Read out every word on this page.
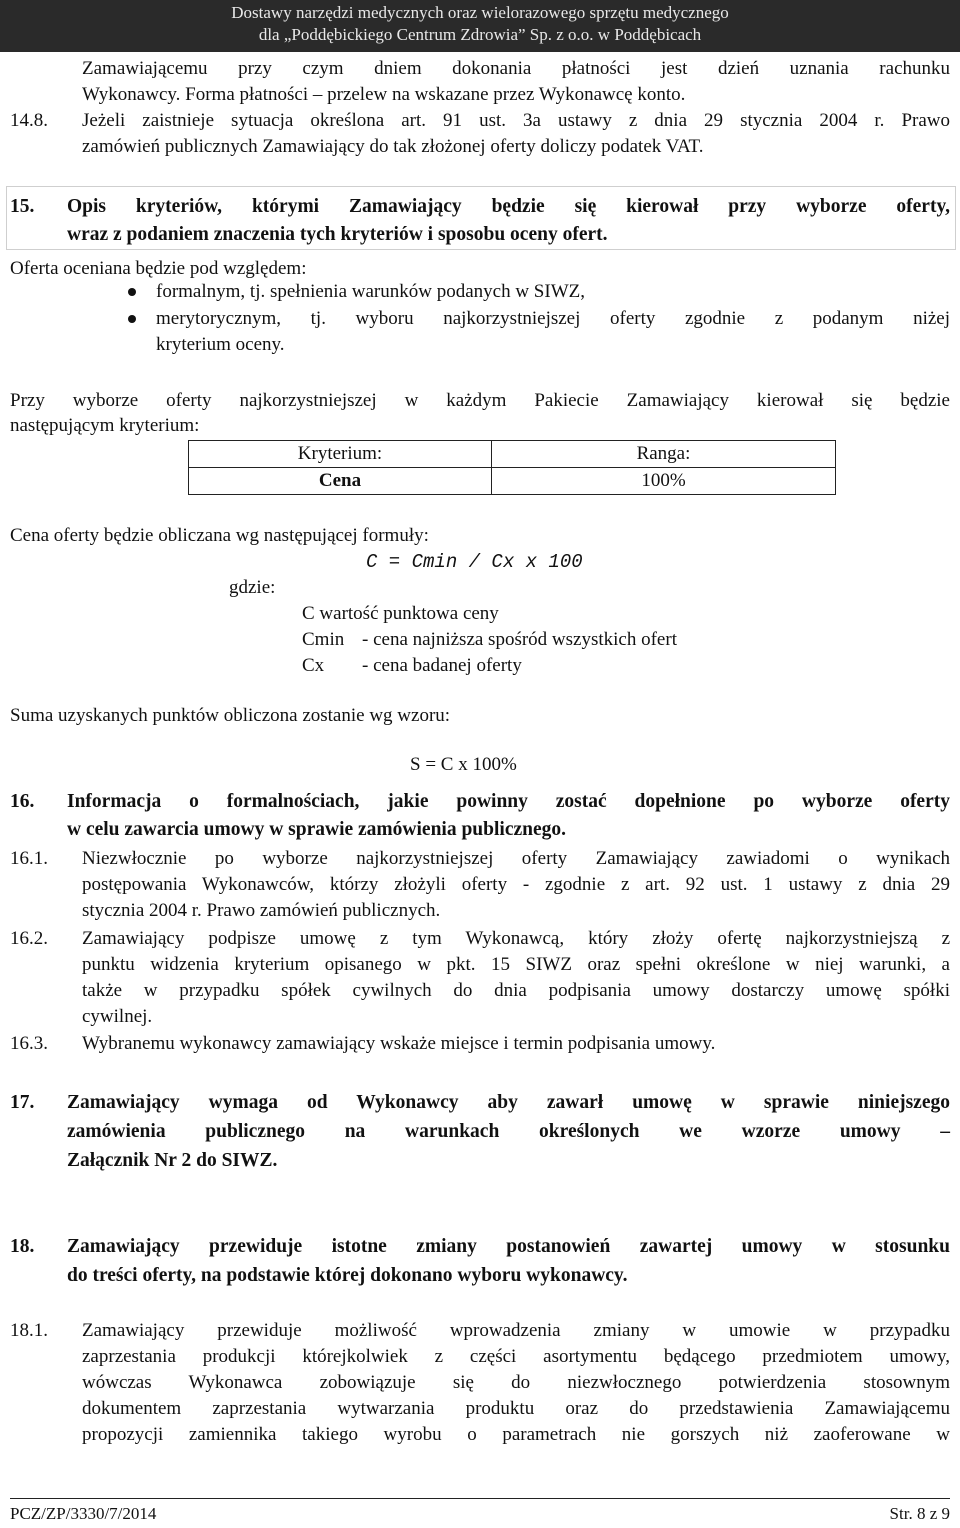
Dostawy narzędzi medycznych oraz wielorazowego sprzętu medycznego
dla „Poddębickiego Centrum Zdrowia” Sp. z o.o. w Poddębicach
Zamawiającemu przy czym dniem dokonania płatności jest dzień uznania rachunku
Wykonawcy. Forma płatności – przelew na wskazane przez Wykonawcę konto.
14.8. Jeżeli zaistnieje sytuacja określona art. 91 ust. 3a ustawy z dnia 29 stycznia 2004 r. Prawo
zamówień publicznych Zamawiający do tak złożonej oferty doliczy podatek VAT.
15. Opis kryteriów, którymi Zamawiający będzie się kierował przy wyborze oferty,
wraz z podaniem znaczenia tych kryteriów i sposobu oceny ofert.
Oferta oceniana będzie pod względem:
formalnym, tj. spełnienia warunków podanych w SIWZ,
merytorycznym, tj. wyboru najkorzystniejszej oferty zgodnie z podanym niżej
kryterium oceny.
Przy wyborze oferty najkorzystniejszej w każdym Pakiecie Zamawiający kierował się będzie
następującym kryterium:
Kryterium:	Ranga:
Cena	100%
Cena oferty będzie obliczana wg następującej formuły:
C = Cmin / Cx x 100
gdzie:
C wartość punktowa ceny
Cmin - cena najniższa spośród wszystkich ofert
Cx - cena badanej oferty
Suma uzyskanych punktów obliczona zostanie wg wzoru:
S = C x 100%
16. Informacja o formalnościach, jakie powinny zostać dopełnione po wyborze oferty
w celu zawarcia umowy w sprawie zamówienia publicznego.
16.1. Niezwłocznie po wyborze najkorzystniejszej oferty Zamawiający zawiadomi o wynikach
postępowania Wykonawców, którzy złożyli oferty - zgodnie z art. 92 ust. 1 ustawy z dnia 29
stycznia 2004 r. Prawo zamówień publicznych.
16.2. Zamawiający podpisze umowę z tym Wykonawcą, który złoży ofertę najkorzystniejszą z
punktu widzenia kryterium opisanego w pkt. 15 SIWZ oraz spełni określone w niej warunki, a
także w przypadku spółek cywilnych do dnia podpisania umowy dostarczy umowę spółki
cywilnej.
16.3. Wybranemu wykonawcy zamawiający wskaże miejsce i termin podpisania umowy.
17. Zamawiający wymaga od Wykonawcy aby zawarł umowę w sprawie niniejszego
zamówienia publicznego na warunkach określonych we wzorze umowy –
Załącznik Nr 2 do SIWZ.
18. Zamawiający przewiduje istotne zmiany postanowień zawartej umowy w stosunku
do treści oferty, na podstawie której dokonano wyboru wykonawcy.
18.1. Zamawiający przewiduje możliwość wprowadzenia zmiany w umowie w przypadku
zaprzestania produkcji którejkolwiek z części asortymentu będącego przedmiotem umowy,
wówczas Wykonawca zobowiązuje się do niezwłocznego potwierdzenia stosownym
dokumentem zaprzestania wytwarzania produktu oraz do przedstawienia Zamawiającemu
propozycji zamiennika takiego wyrobu o parametrach nie gorszych niż zaoferowane w
PCZ/ZP/3330/7/2014	Str. 8 z 9
